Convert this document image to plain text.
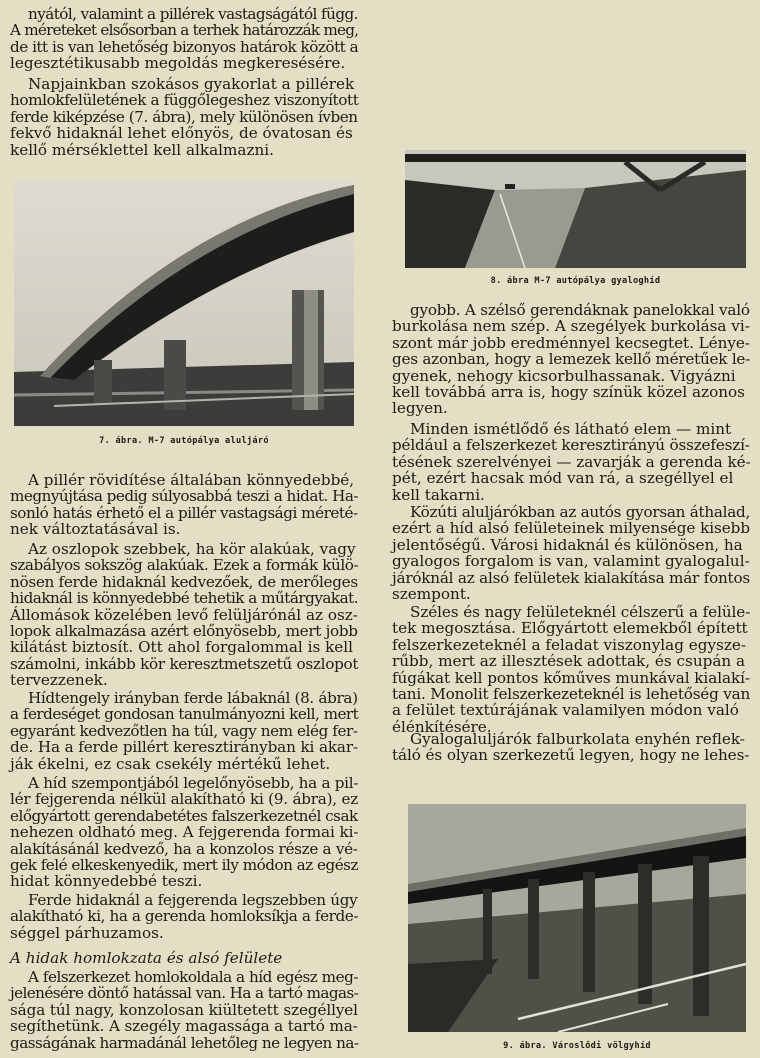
nyától, valamint a pillérek vastagságától függ.
A méreteket elsősorban a terhek határozzák meg,
de itt is van lehetőség bizonyos határok között a
legesztétikusabb megoldás megkeresésére.
Napjainkban szokásos gyakorlat a pillérek
homlokfelületének a függőlegeshez viszonyított
ferde kiképzése (7. ábra), mely különösen ívben
fekvő hidaknál lehet előnyös, de óvatosan és
kellő mérséklettel kell alkalmazni.
7. ábra. M-7 autópálya aluljáró
A pillér rövidítése általában könnyedebbé,
megnyújtása pedig súlyosabbá teszi a hidat. Ha-
sonló hatás érhető el a pillér vastagsági méreté-
nek változtatásával is.
Az oszlopok szebbek, ha kör alakúak, vagy
szabályos sokszög alakúak. Ezek a formák külö-
nösen ferde hidaknál kedvezőek, de merőleges
hidaknál is könnyedebbé tehetik a műtárgyakat.
Állomások közelében levő felüljárónál az osz-
lopok alkalmazása azért előnyösebb, mert jobb
kilátást biztosít. Ott ahol forgalommal is kell
számolni, inkább kör keresztmetszetű oszlopot
tervezzenek.
Hídtengely irányban ferde lábaknál (8. ábra)
a ferdeséget gondosan tanulmányozni kell, mert
egyaránt kedvezőtlen ha túl, vagy nem elég fer-
de. Ha a ferde pillért keresztirányban ki akar-
ják ékelni, ez csak csekély mértékű lehet.
A híd szempontjából legelőnyösebb, ha a pil-
lér fejgerenda nélkül alakítható ki (9. ábra), ez
előgyártott gerendabetétes falszerkezetnél csak
nehezen oldható meg. A fejgerenda formai ki-
alakításánál kedvező, ha a konzolos része a vé-
gek felé elkeskenyedik, mert ily módon az egész
hidat könnyedebbé teszi.
Ferde hidaknál a fejgerenda legszebben úgy
alakítható ki, ha a gerenda homloksíkja a ferde-
séggel párhuzamos.
A hidak homlokzata és alsó felülete
A felszerkezet homlokoldala a híd egész meg-
jelenésére döntő hatással van. Ha a tartó magas-
sága túl nagy, konzolosan kiültetett szegéllyel
segíthetünk. A szegély magassága a tartó ma-
gasságának harmadánál lehetőleg ne legyen na-
8. ábra M-7 autópálya gyaloghíd
gyobb. A szélső gerendáknak panelokkal való
burkolása nem szép. A szegélyek burkolása vi-
szont már jobb eredménnyel kecsegtet. Lénye-
ges azonban, hogy a lemezek kellő méretűek le-
gyenek, nehogy kicsorbulhassanak. Vigyázni
kell továbbá arra is, hogy színük közel azonos
legyen.
Minden ismétlődő és látható elem — mint
például a felszerkezet keresztirányú összefeszí-
tésének szerelvényei — zavarják a gerenda ké-
pét, ezért hacsak mód van rá, a szegéllyel el
kell takarni.
Közúti aluljárókban az autós gyorsan áthalad,
ezért a híd alsó felületeinek milyensége kisebb
jelentőségű. Városi hidaknál és különösen, ha
gyalogos forgalom is van, valamint gyalogalul-
járóknál az alsó felületek kialakítása már fontos
szempont.
Széles és nagy felületeknél célszerű a felüle-
tek megosztása. Előgyártott elemekből épített
felszerkezeteknél a feladat viszonylag egysze-
rűbb, mert az illesztések adottak, és csupán a
fúgákat kell pontos kőműves munkával kialakí-
tani. Monolit felszerkezeteknél is lehetőség van
a felület textúrájának valamilyen módon való
élénkítésére.
Gyalogaluljárók falburkolata enyhén reflek-
táló és olyan szerkezetű legyen, hogy ne lehes-
9. ábra. Városlődi völgyhíd
